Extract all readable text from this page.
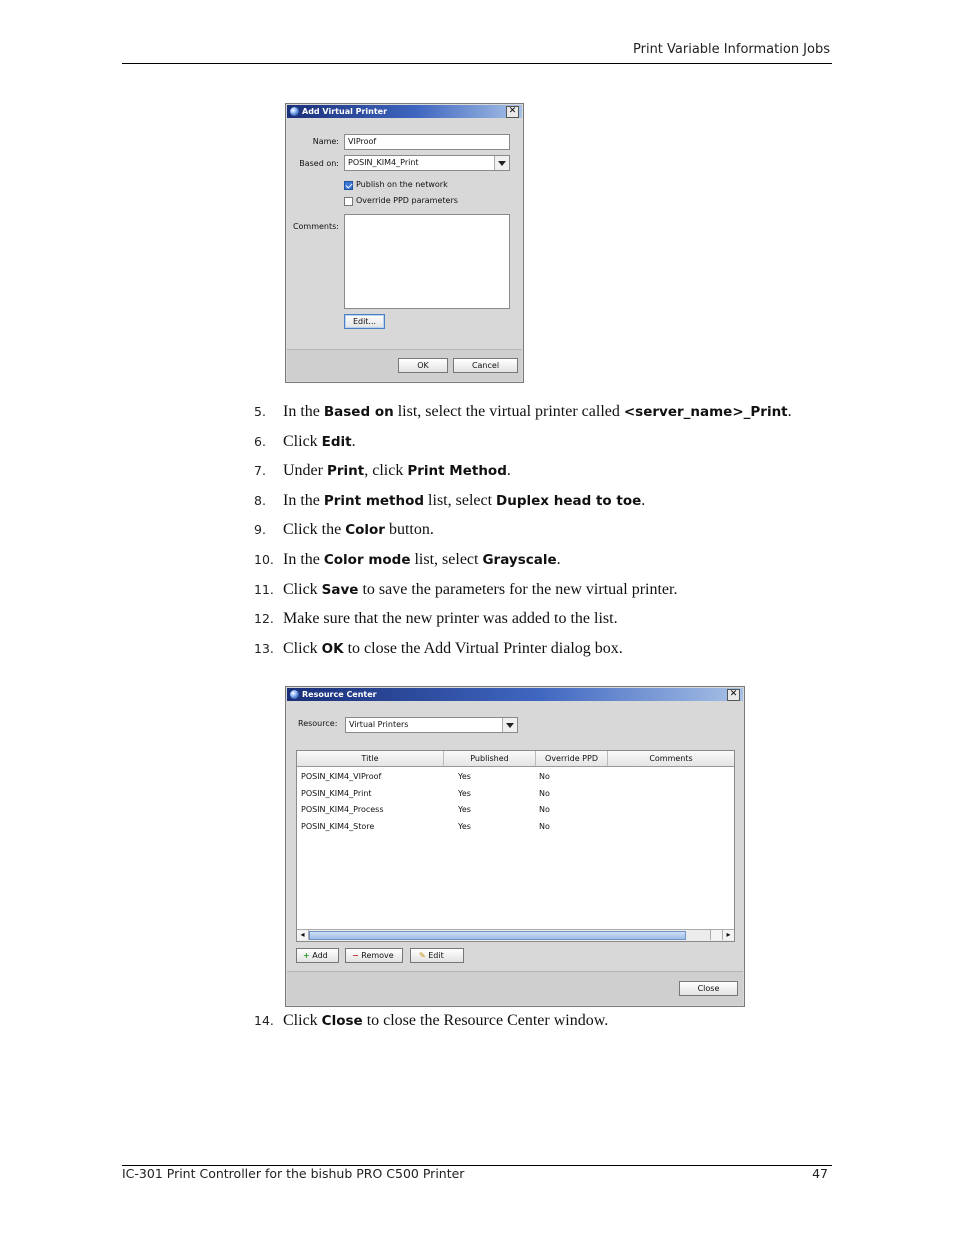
Print Variable Information Jobs
Add Virtual Printer	✕
Name:	VIProof
Based on:	POSIN_KIM4_Print
Publish on the network
Override PPD parameters
Comments:
Edit...
OK	Cancel
5.	In the Based on list, select the virtual printer called <server_name>_Print.
6.	Click Edit.
7.	Under Print, click Print Method.
8.	In the Print method list, select Duplex head to toe.
9.	Click the Color button.
10. In the Color mode list, select Grayscale.
11. Click Save to save the parameters for the new virtual printer.
12. Make sure that the new printer was added to the list.
13. Click OK to close the Add Virtual Printer dialog box.
Resource Center	✕
Resource:	Virtual Printers
Title	Published	Override PPD	Comments
POSIN_KIM4_VIProof	Yes	No
POSIN_KIM4_Print	Yes	No
POSIN_KIM4_Process	Yes	No
POSIN_KIM4_Store	Yes	No
◂	▸
+ Add	− Remove	✎ Edit
Close
14. Click Close to close the Resource Center window.
IC-301 Print Controller for the bishub PRO C500 Printer	47
